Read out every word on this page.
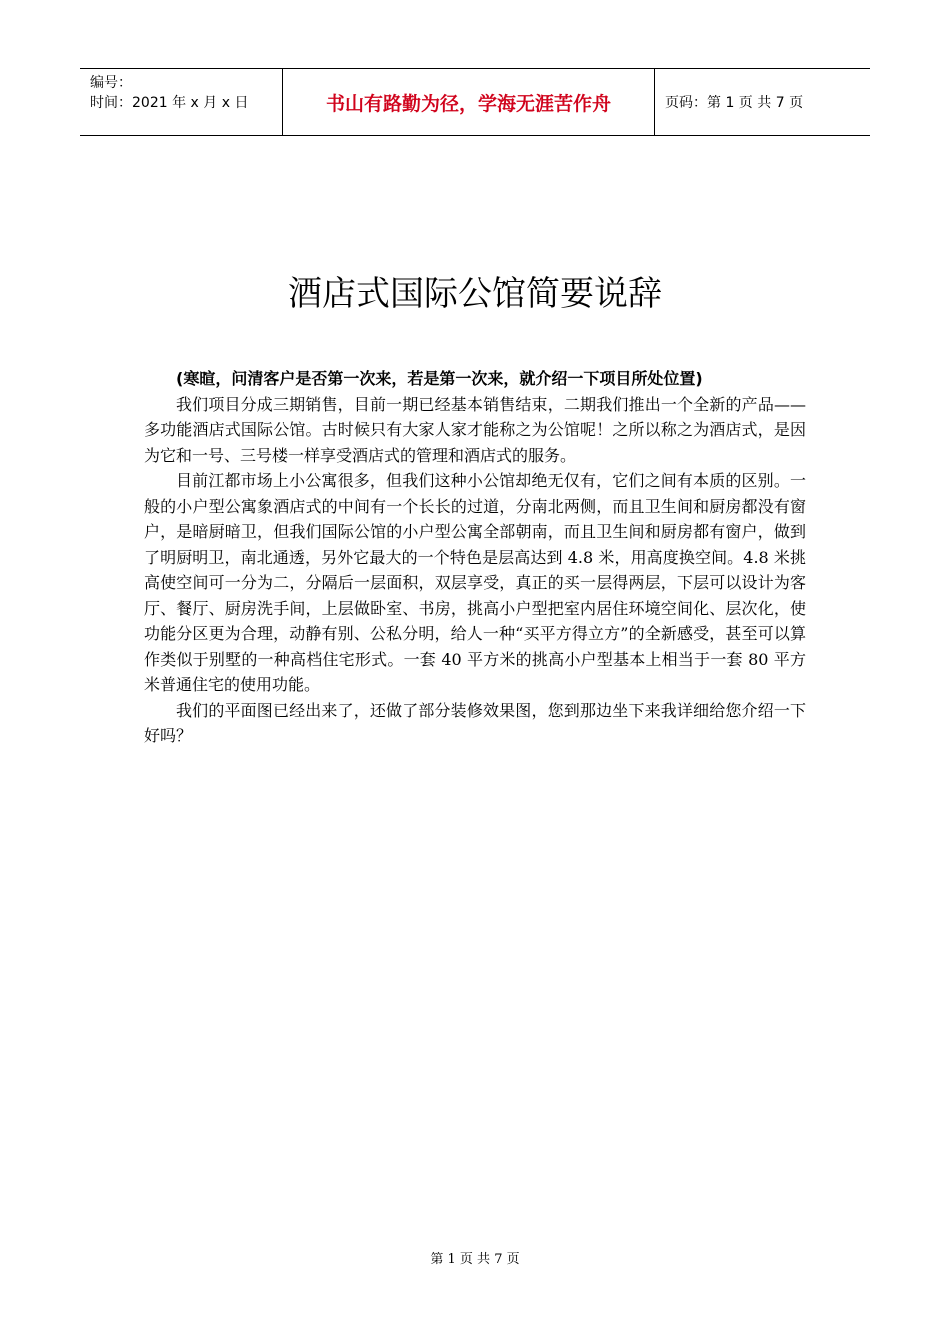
编号：
时间：2021 年 x 月 x 日	书山有路勤为径，学海无涯苦作舟	页码：第 1 页 共 7 页
酒店式国际公馆简要说辞

(寒暄，问清客户是否第一次来，若是第一次来，就介绍一下项目所处位置)

我们项目分成三期销售，目前一期已经基本销售结束，二期我们推出一个全新的产品——多功能酒店式国际公馆。古时候只有大家人家才能称之为公馆呢！之所以称之为酒店式，是因为它和一号、三号楼一样享受酒店式的管理和酒店式的服务。

目前江都市场上小公寓很多，但我们这种小公馆却绝无仅有，它们之间有本质的区别。一般的小户型公寓象酒店式的中间有一个长长的过道，分南北两侧，而且卫生间和厨房都没有窗户，是暗厨暗卫，但我们国际公馆的小户型公寓全部朝南，而且卫生间和厨房都有窗户，做到了明厨明卫，南北通透，另外它最大的一个特色是层高达到 4.8 米，用高度换空间。4.8 米挑高使空间可一分为二，分隔后一层面积，双层享受，真正的买一层得两层，下层可以设计为客厅、餐厅、厨房洗手间，上层做卧室、书房，挑高小户型把室内居住环境空间化、层次化，使功能分区更为合理，动静有别、公私分明，给人一种“买平方得立方”的全新感受，甚至可以算作类似于别墅的一种高档住宅形式。一套 40 平方米的挑高小户型基本上相当于一套 80 平方米普通住宅的使用功能。

我们的平面图已经出来了，还做了部分装修效果图，您到那边坐下来我详细给您介绍一下好吗？

第 1 页 共 7 页
